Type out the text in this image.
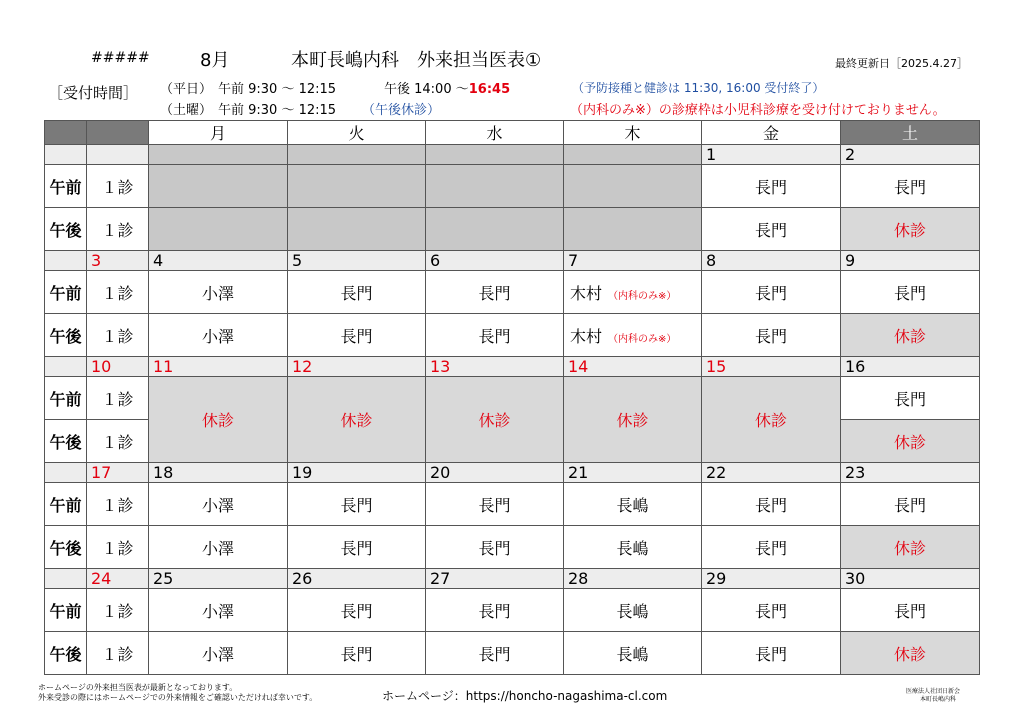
#####	8月	本町長嶋内科　外来担当医表①	最終更新日［2025.4.27］
［受付時間］ （平日） 午前 9:30 ～ 12:15	午後 14:00 ～16:45	（予防接種と健診は 11:30, 16:00 受付終了）
（土曜） 午前 9:30 ～ 12:15 （午後休診）	（内科のみ※）の診療枠は小児科診療を受け付けておりません。
		月	火	水	木	金	土
						1	2
午前	１診					長門	長門
午後	１診					長門	休診
	3	4	5	6	7	8	9
午前	１診	小澤	長門	長門	木村 （内科のみ※）	長門	長門
午後	１診	小澤	長門	長門	木村 （内科のみ※）	長門	休診
	10	11	12	13	14	15	16
午前	１診	休診	休診	休診	休診	休診	長門
午後	１診						休診
	17	18	19	20	21	22	23
午前	１診	小澤	長門	長門	長嶋	長門	長門
午後	１診	小澤	長門	長門	長嶋	長門	休診
	24	25	26	27	28	29	30
午前	１診	小澤	長門	長門	長嶋	長門	長門
午後	１診	小澤	長門	長門	長嶋	長門	休診
ホームページの外来担当医表が最新となっております。
外来受診の際にはホームページでの外来情報をご確認いただければ幸いです。	ホームページ：https://honcho-nagashima-cl.com	医療法人社団日新会
本町長嶋内科
